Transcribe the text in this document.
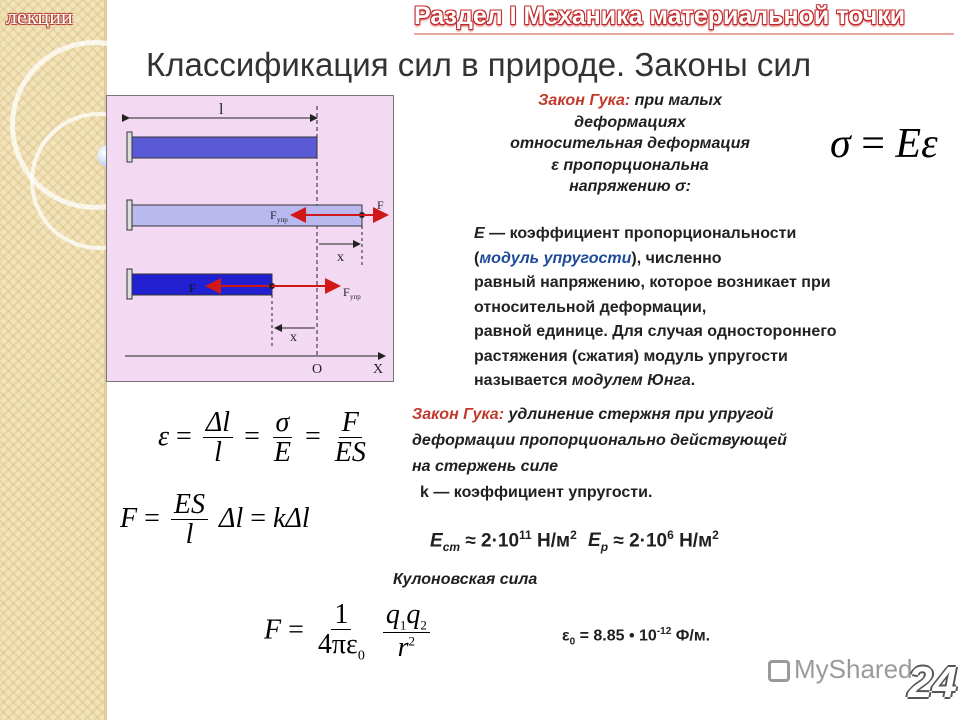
лекции	Раздел I Механика материальной точки
Классификация сил в природе. Законы сил
l
F
F упр
x
F	F упр
x
O	X
Закон Гука: при малых
деформациях
относительная деформация
ε пропорциональна
напряжению σ:
σ = Eε
E — коэффициент пропорциональности
(модуль упругости), численно
равный напряжению, которое возникает при
относительной деформации,
равной единице. Для случая одностороннего
растяжения (сжатия) модуль упругости
называется модулем Юнга.
$\varepsilon = \frac{\Delta l}{l} = \frac{\sigma}{E} = \frac{F}{ES}$	Закон Гука: удлинение стержня при упругой
деформации пропорционально действующей
на стержень силе
k — коэффициент упругости.
$F = \frac{ES}{l}$ Δl = kΔl
$E_{ст} \approx 2\cdot 10^{11}$ $Н/м^2$ $E_р \approx 2\cdot 10^6$ $Н/м^2$
Кулоновская сила
$F = \frac{1}{4\pi\varepsilon_0}$
$\frac{q_1q_2}{r^2}$	$\varepsilon_0 = 8.85$ • $10^{-12}$ Ф/м.
MyShared
24
